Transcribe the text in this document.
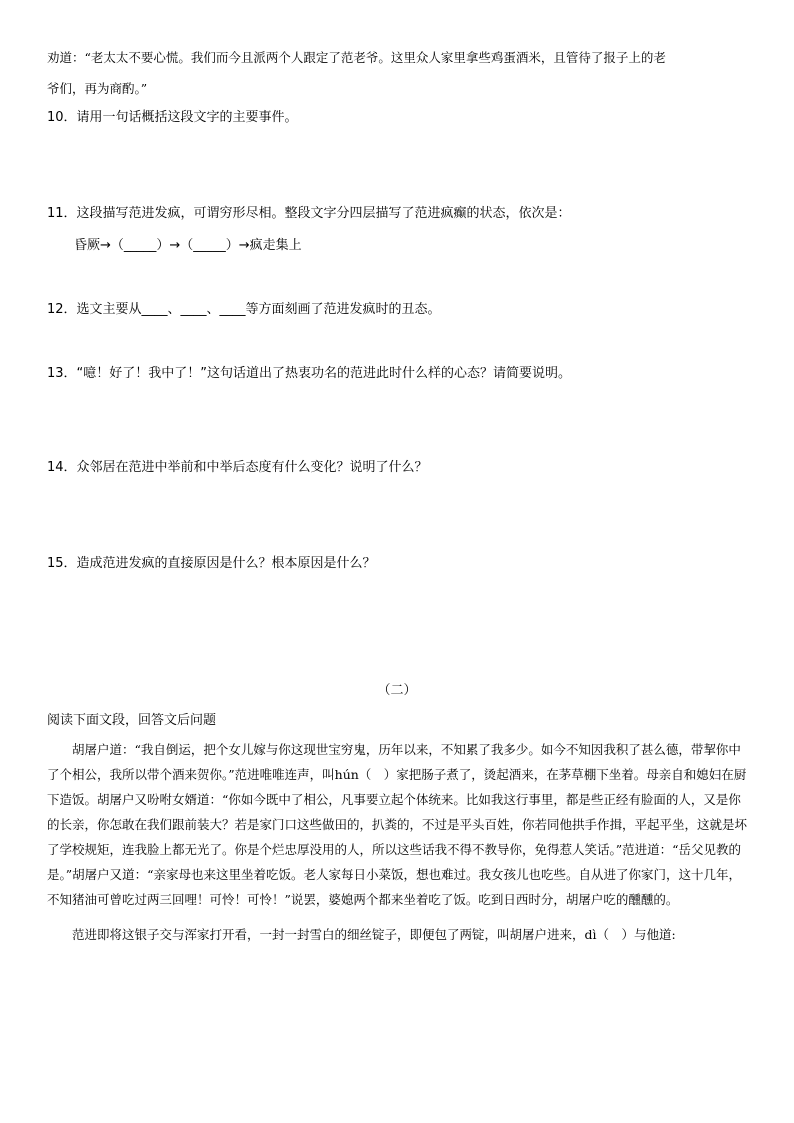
劝道：“老太太不要心慌。我们而今且派两个人跟定了范老爷。这里众人家里拿些鸡蛋酒米，且管待了报子上的老
爷们，再为商酌。”
10．请用一句话概括这段文字的主要事件。
11．这段描写范进发疯，可谓穷形尽相。整段文字分四层描写了范进疯癫的状态，依次是：
昏厥→（_____）→（_____）→疯走集上
12．选文主要从____、____、____等方面刻画了范进发疯时的丑态。
13．“噫！好了！我中了！”这句话道出了热衷功名的范进此时什么样的心态？请简要说明。
14．众邻居在范进中举前和中举后态度有什么变化？说明了什么？
15．造成范进发疯的直接原因是什么？根本原因是什么？
（二）
阅读下面文段，回答文后问题

胡屠户道：“我自倒运，把个女儿嫁与你这现世宝穷鬼，历年以来，不知累了我多少。如今不知因我积了甚么德，带挈你中了个相公，我所以带个酒来贺你。”范进唯唯连声，叫hún（　）家把肠子煮了，烫起酒来，在茅草棚下坐着。母亲自和媳妇在厨下造饭。胡屠户又吩咐女婿道：“你如今既中了相公，凡事要立起个体统来。比如我这行事里，都是些正经有脸面的人，又是你的长亲，你怎敢在我们跟前装大？若是家门口这些做田的，扒粪的，不过是平头百姓，你若同他拱手作揖，平起平坐，这就是坏了学校规矩，连我脸上都无光了。你是个烂忠厚没用的人，所以这些话我不得不教导你，免得惹人笑话。”范进道：“岳父见教的是。”胡屠户又道：“亲家母也来这里坐着吃饭。老人家每日小菜饭，想也难过。我女孩儿也吃些。自从进了你家门，这十几年，不知猪油可曾吃过两三回哩！可怜！可怜！”说罢，婆媳两个都来坐着吃了饭。吃到日西时分，胡屠户吃的醺醺的。

范进即将这银子交与浑家打开看，一封一封雪白的细丝锭子，即便包了两锭，叫胡屠户进来，dì（　）与他道:
